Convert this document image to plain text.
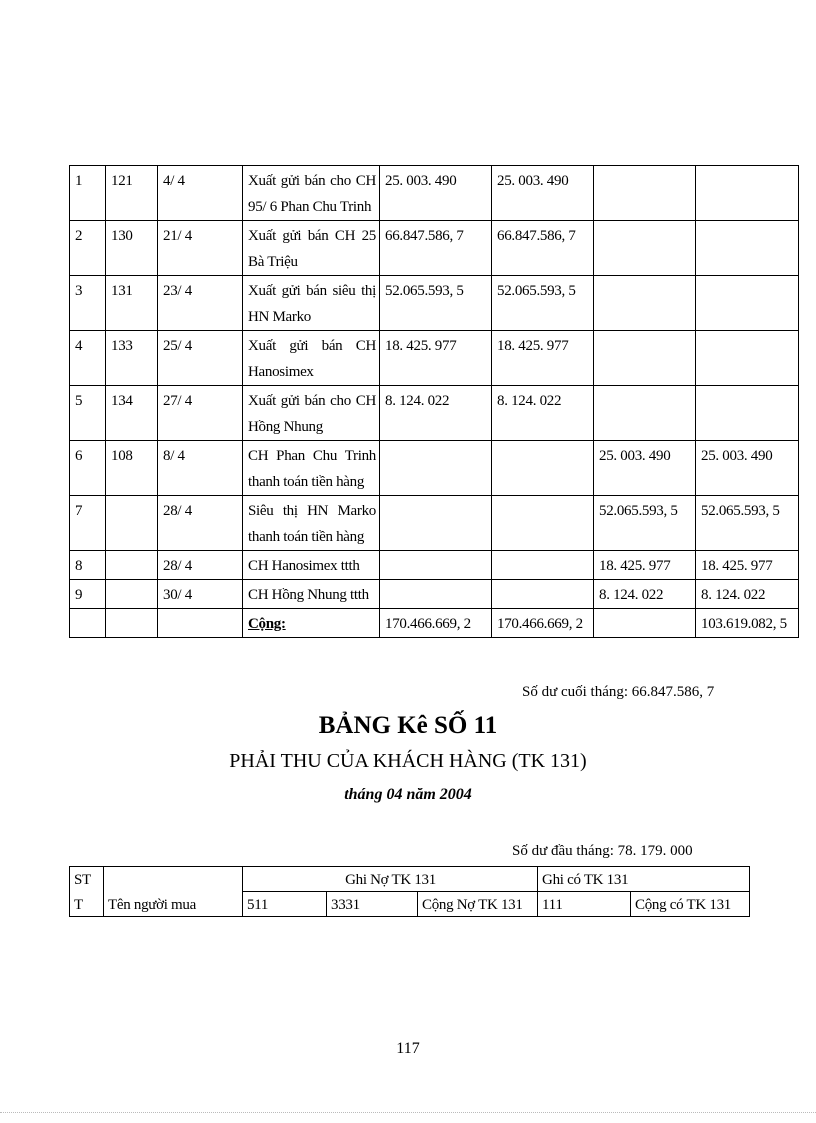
1	121	4/ 4	Xuất gửi bán cho CH 95/ 6 Phan Chu Trinh	25. 003. 490	25. 003. 490		
2	130	21/ 4	Xuất gửi bán CH 25 Bà Triệu	66.847.586, 7	66.847.586, 7		
3	131	23/ 4	Xuất gửi bán siêu thị HN Marko	52.065.593, 5	52.065.593, 5		
4	133	25/ 4	Xuất gửi bán CH Hanosimex	18. 425. 977	18. 425. 977		
5	134	27/ 4	Xuất gửi bán cho CH Hồng Nhung	8. 124. 022	8. 124. 022		
6	108	8/ 4	CH Phan Chu Trinh thanh toán tiền hàng			25. 003. 490	25. 003. 490
7		28/ 4	Siêu thị HN Marko thanh toán tiền hàng			52.065.593, 5	52.065.593, 5
8		28/ 4	CH Hanosimex ttth			18. 425. 977	18. 425. 977
9		30/ 4	CH Hồng Nhung ttth			8. 124. 022	8. 124. 022
			Cộng:	170.466.669, 2	170.466.669, 2		103.619.082, 5
Số dư cuối tháng: 66.847.586, 7
BẢNG Kê SỐ 11
PHẢI THU CỦA KHÁCH HÀNG (TK 131)
tháng 04 năm 2004
Số dư đầu tháng: 78. 179. 000
ST	Tên người mua	Ghi Nợ TK 131			Ghi có TK 131	
T		511	3331	Cộng Nợ TK 131	111	Cộng có TK 131
117
